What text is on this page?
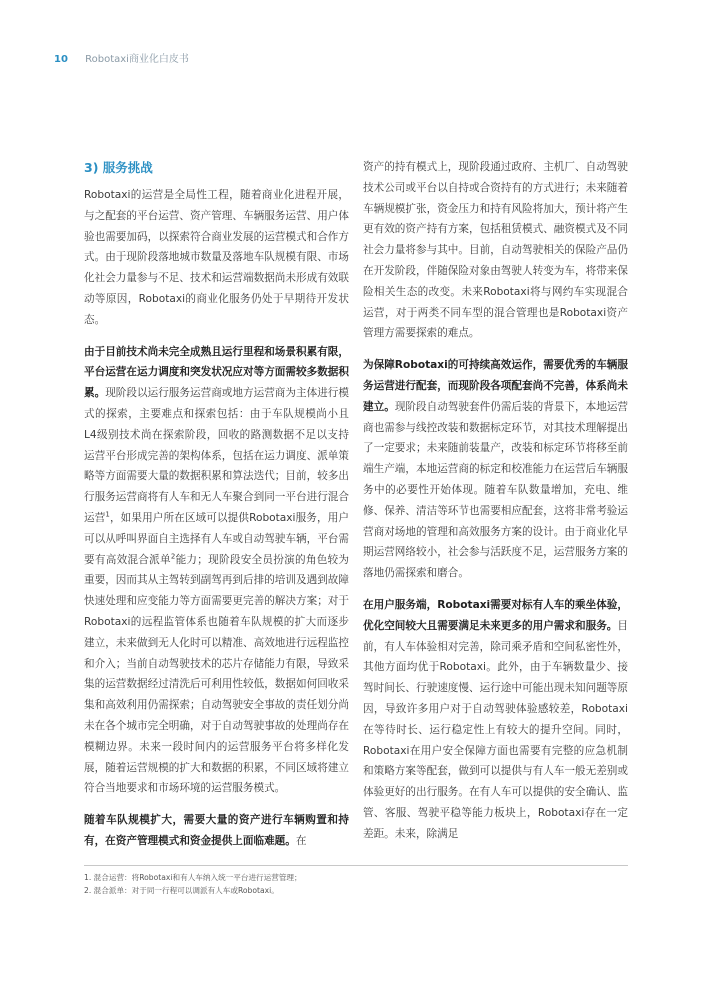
10 Robotaxi商业化白皮书
3) 服务挑战

Robotaxi的运营是全局性工程，随着商业化进程开展，与之配套的平台运营、资产管理、车辆服务运营、用户体验也需要加码，以探索符合商业发展的运营模式和合作方式。由于现阶段落地城市数量及落地车队规模有限、市场化社会力量参与不足、技术和运营端数据尚未形成有效联动等原因，Robotaxi的商业化服务仍处于早期待开发状态。

由于目前技术尚未完全成熟且运行里程和场景积累有限，平台运营在运力调度和突发状况应对等方面需较多数据积累。现阶段以运行服务运营商或地方运营商为主体进行模式的探索，主要难点和探索包括：由于车队规模尚小且L4级别技术尚在探索阶段，回收的路测数据不足以支持运营平台形成完善的架构体系，包括在运力调度、派单策略等方面需要大量的数据积累和算法迭代；目前，较多出行服务运营商将有人车和无人车聚合到同一平台进行混合运营$^1$，如果用户所在区域可以提供Robotaxi服务，用户可以从呼叫界面自主选择有人车或自动驾驶车辆，平台需要有高效混合派单$^2$能力；现阶段安全员扮演的角色较为重要，因而其从主驾转到副驾再到后排的培训及遇到故障快速处理和应变能力等方面需要更完善的解决方案；对于Robotaxi的远程监管体系也随着车队规模的扩大而逐步建立，未来做到无人化时可以精准、高效地进行远程监控和介入；当前自动驾驶技术的芯片存储能力有限，导致采集的运营数据经过清洗后可利用性较低，数据如何回收采集和高效利用仍需探索；自动驾驶安全事故的责任划分尚未在各个城市完全明确，对于自动驾驶事故的处理尚存在模糊边界。未来一段时间内的运营服务平台将多样化发展，随着运营规模的扩大和数据的积累，不同区域将建立符合当地要求和市场环境的运营服务模式。

随着车队规模扩大，需要大量的资产进行车辆购置和持有，在资产管理模式和资金提供上面临难题。在

资产的持有模式上，现阶段通过政府、主机厂、自动驾驶技术公司或平台以自持或合资持有的方式进行；未来随着车辆规模扩张，资金压力和持有风险将加大，预计将产生更有效的资产持有方案，包括租赁模式、融资模式及不同社会力量将参与其中。目前，自动驾驶相关的保险产品仍在开发阶段，伴随保险对象由驾驶人转变为车，将带来保险相关生态的改变。未来Robotaxi将与网约车实现混合运营，对于两类不同车型的混合管理也是Robotaxi资产管理方需要探索的难点。

为保障Robotaxi的可持续高效运作，需要优秀的车辆服务运营进行配套，而现阶段各项配套尚不完善，体系尚未建立。现阶段自动驾驶套件仍需后装的背景下，本地运营商也需参与线控改装和数据标定环节，对其技术理解提出了一定要求；未来随前装量产，改装和标定环节将移至前端生产端，本地运营商的标定和校准能力在运营后车辆服务中的必要性开始体现。随着车队数量增加，充电、维修、保养、清洁等环节也需要相应配套，这将非常考验运营商对场地的管理和高效服务方案的设计。由于商业化早期运营网络较小，社会参与活跃度不足，运营服务方案的落地仍需探索和磨合。

在用户服务端，Robotaxi需要对标有人车的乘坐体验，优化空间较大且需要满足未来更多的用户需求和服务。目前，有人车体验相对完善，除司乘矛盾和空间私密性外，其他方面均优于Robotaxi。此外，由于车辆数量少、接驾时间长、行驶速度慢、运行途中可能出现未知问题等原因，导致许多用户对于自动驾驶体验感较差，Robotaxi在等待时长、运行稳定性上有较大的提升空间。同时，Robotaxi在用户安全保障方面也需要有完整的应急机制和策略方案等配套，做到可以提供与有人车一般无差别或体验更好的出行服务。在有人车可以提供的安全确认、监管、客服、驾驶平稳等能力板块上，Robotaxi存在一定差距。未来，除满足

1. 混合运营：将Robotaxi和有人车纳入统一平台进行运营管理；
2. 混合派单：对于同一行程可以调派有人车或Robotaxi。
